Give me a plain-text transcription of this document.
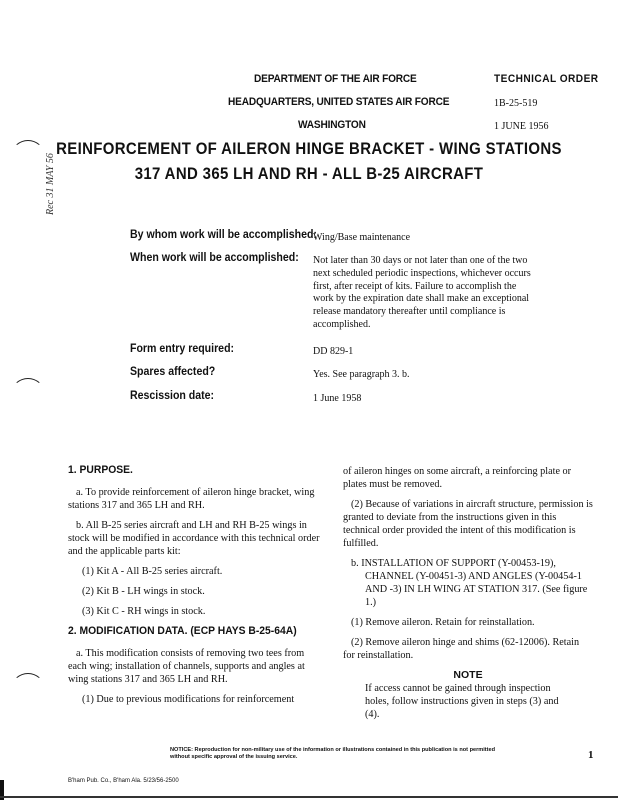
DEPARTMENT OF THE AIR FORCE
HEADQUARTERS, UNITED STATES AIR FORCE
WASHINGTON
TECHNICAL ORDER
1B-25-519
1 JUNE 1956
Rec 31 MAY 56
REINFORCEMENT OF AILERON HINGE BRACKET - WING STATIONS
317 AND 365 LH AND RH - ALL B-25 AIRCRAFT
By whom work will be accomplished:
Wing/Base maintenance
When work will be accomplished: Not later than 30 days or not later than one of the two next scheduled periodic inspections, whichever occurs first, after receipt of kits. Failure to accomplish the work by the expiration date shall make an exceptional release mandatory thereafter until compliance is accomplished.
Form entry required:	DD 829-1
Spares affected?	Yes. See paragraph 3. b.
Rescission date:	1 June 1958
1. PURPOSE.

a. To provide reinforcement of aileron hinge bracket, wing stations 317 and 365 LH and RH.

b. All B-25 series aircraft and LH and RH B-25 wings in stock will be modified in accordance with this technical order and the applicable parts kit:

(1) Kit A - All B-25 series aircraft.

(2) Kit B - LH wings in stock.

(3) Kit C - RH wings in stock.

2. MODIFICATION DATA. (ECP HAYS B-25-64A)

a. This modification consists of removing two tees from each wing; installation of channels, supports and angles at wing stations 317 and 365 LH and RH.

(1) Due to previous modifications for reinforcement

of aileron hinges on some aircraft, a reinforcing plate or plates must be removed.

(2) Because of variations in aircraft structure, permission is granted to deviate from the instructions given in this technical order provided the intent of this modification is fulfilled.

b. INSTALLATION OF SUPPORT (Y-00453-19), CHANNEL (Y-00451-3) AND ANGLES (Y-00454-1 AND -3) IN LH WING AT STATION 317. (See figure 1.)

(1) Remove aileron. Retain for reinstallation.

(2) Remove aileron hinge and shims (62-12006). Retain for reinstallation.

NOTE

If access cannot be gained through inspection holes, follow instructions given in steps (3) and (4).

NOTICE: Reproduction for non-military use of the information or illustrations contained in this publication is not permitted without specific approval of the issuing service.	1
B'ham Pub. Co., B'ham Ala. 5/23/56-2500
